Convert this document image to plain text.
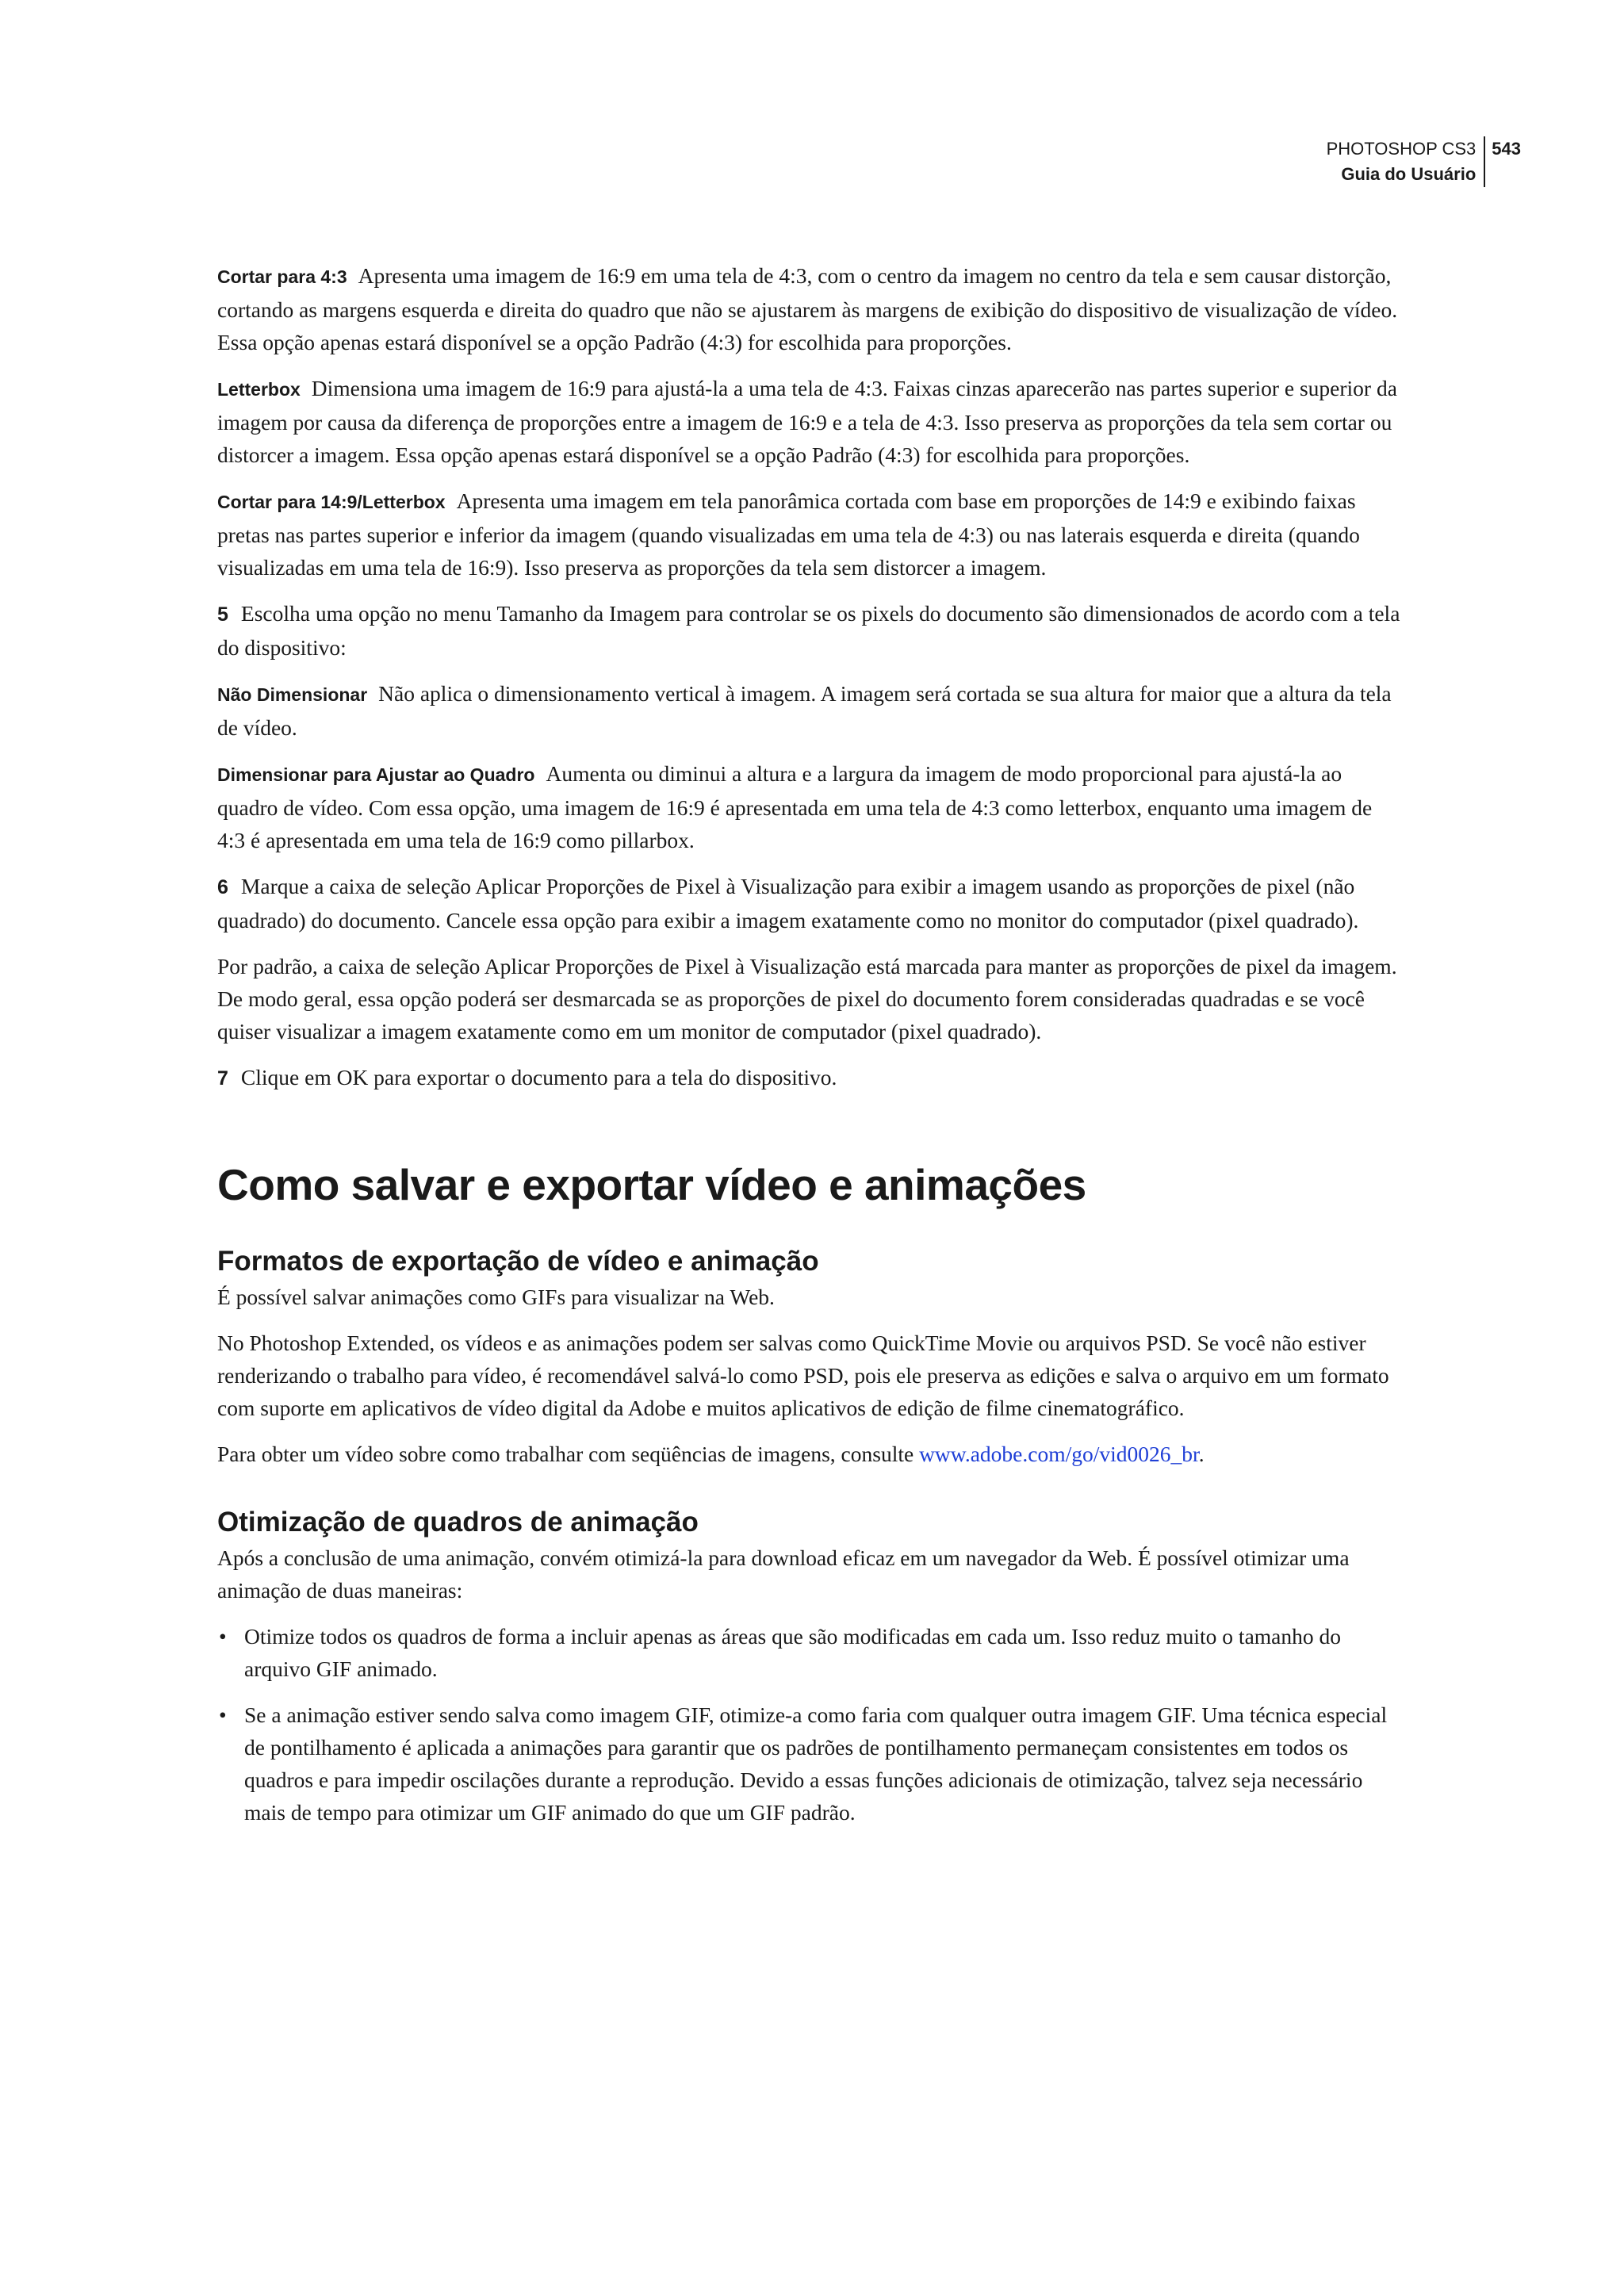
PHOTOSHOP CS3
Guia do Usuário
543

Cortar para 4:3 Apresenta uma imagem de 16:9 em uma tela de 4:3, com o centro da imagem no centro da tela e sem causar distorção, cortando as margens esquerda e direita do quadro que não se ajustarem às margens de exibição do dispositivo de visualização de vídeo. Essa opção apenas estará disponível se a opção Padrão (4:3) for escolhida para proporções.

Letterbox Dimensiona uma imagem de 16:9 para ajustá-la a uma tela de 4:3. Faixas cinzas aparecerão nas partes superior e superior da imagem por causa da diferença de proporções entre a imagem de 16:9 e a tela de 4:3. Isso preserva as proporções da tela sem cortar ou distorcer a imagem. Essa opção apenas estará disponível se a opção Padrão (4:3) for escolhida para proporções.

Cortar para 14:9/Letterbox Apresenta uma imagem em tela panorâmica cortada com base em proporções de 14:9 e exibindo faixas pretas nas partes superior e inferior da imagem (quando visualizadas em uma tela de 4:3) ou nas laterais esquerda e direita (quando visualizadas em uma tela de 16:9). Isso preserva as proporções da tela sem distorcer a imagem.

5 Escolha uma opção no menu Tamanho da Imagem para controlar se os pixels do documento são dimensionados de acordo com a tela do dispositivo:

Não Dimensionar Não aplica o dimensionamento vertical à imagem. A imagem será cortada se sua altura for maior que a altura da tela de vídeo.

Dimensionar para Ajustar ao Quadro Aumenta ou diminui a altura e a largura da imagem de modo proporcional para ajustá-la ao quadro de vídeo. Com essa opção, uma imagem de 16:9 é apresentada em uma tela de 4:3 como letterbox, enquanto uma imagem de 4:3 é apresentada em uma tela de 16:9 como pillarbox.

6 Marque a caixa de seleção Aplicar Proporções de Pixel à Visualização para exibir a imagem usando as proporções de pixel (não quadrado) do documento. Cancele essa opção para exibir a imagem exatamente como no monitor do computador (pixel quadrado).

Por padrão, a caixa de seleção Aplicar Proporções de Pixel à Visualização está marcada para manter as proporções de pixel da imagem. De modo geral, essa opção poderá ser desmarcada se as proporções de pixel do documento forem consideradas quadradas e se você quiser visualizar a imagem exatamente como em um monitor de computador (pixel quadrado).

7 Clique em OK para exportar o documento para a tela do dispositivo.

Como salvar e exportar vídeo e animações
Formatos de exportação de vídeo e animação

É possível salvar animações como GIFs para visualizar na Web.

No Photoshop Extended, os vídeos e as animações podem ser salvas como QuickTime Movie ou arquivos PSD. Se você não estiver renderizando o trabalho para vídeo, é recomendável salvá-lo como PSD, pois ele preserva as edições e salva o arquivo em um formato com suporte em aplicativos de vídeo digital da Adobe e muitos aplicativos de edição de filme cinematográfico.

Para obter um vídeo sobre como trabalhar com seqüências de imagens, consulte www.adobe.com/go/vid0026_br.

Otimização de quadros de animação

Após a conclusão de uma animação, convém otimizá-la para download eficaz em um navegador da Web. É possível otimizar uma animação de duas maneiras:

• Otimize todos os quadros de forma a incluir apenas as áreas que são modificadas em cada um. Isso reduz muito o tamanho do arquivo GIF animado.
• Se a animação estiver sendo salva como imagem GIF, otimize-a como faria com qualquer outra imagem GIF. Uma técnica especial de pontilhamento é aplicada a animações para garantir que os padrões de pontilhamento permaneçam consistentes em todos os quadros e para impedir oscilações durante a reprodução. Devido a essas funções adicionais de otimização, talvez seja necessário mais de tempo para otimizar um GIF animado do que um GIF padrão.
